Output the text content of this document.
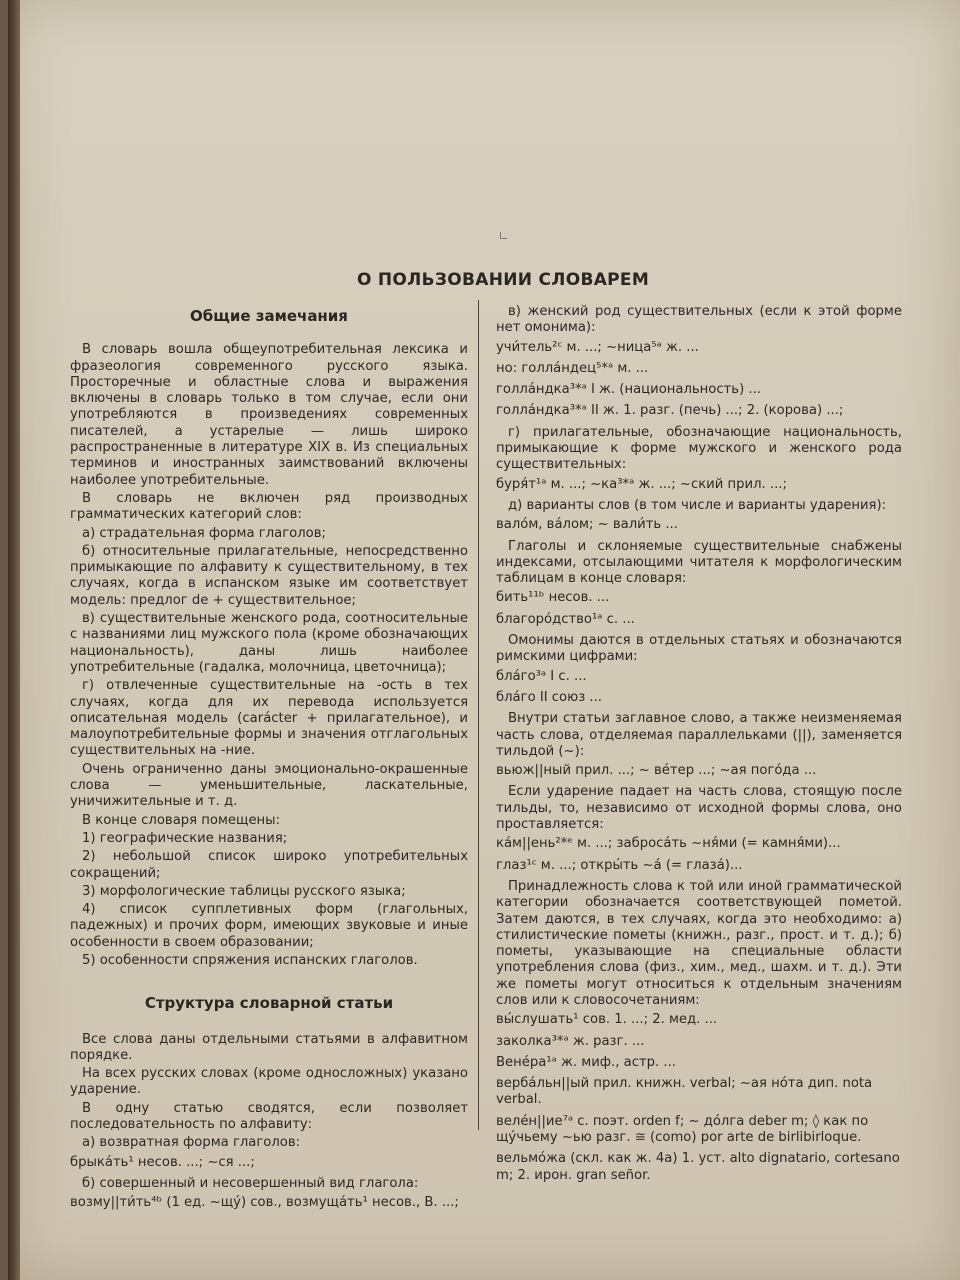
О ПОЛЬЗОВАНИИ СЛОВАРЕМ
Общие замечания

В словарь вошла общеупотребительная лексика и фразеология современного русского языка. Просторечные и областные слова и выражения включены в словарь только в том случае, если они употребляются в произведениях современных писателей, а устарелые — лишь широко распространенные в литературе XIX в. Из специальных терминов и иностранных заимствований включены наиболее употребительные.

В словарь не включен ряд производных грамматических категорий слов:

а) страдательная форма глаголов;

б) относительные прилагательные, непосредственно примыкающие по алфавиту к существительному, в тех случаях, когда в испанском языке им соответствует модель: предлог de + существительное;

в) существительные женского рода, соотносительные с названиями лиц мужского пола (кроме обозначающих национальность), даны лишь наиболее употребительные (гадалка, молочница, цветочница);

г) отвлеченные существительные на -ость в тех случаях, когда для их перевода используется описательная модель (carácter + прилагательное), и малоупотребительные формы и значения отглагольных существительных на -ние.

Очень ограниченно даны эмоционально-окрашенные слова — уменьшительные, ласкательные, уничижительные и т. д.

В конце словаря помещены:

1) географические названия;

2) небольшой список широко употребительных сокращений;

3) морфологические таблицы русского языка;

4) список супплетивных форм (глагольных, падежных) и прочих форм, имеющих звуковые и иные особенности в своем образовании;

5) особенности спряжения испанских глаголов.

Структура словарной статьи

Все слова даны отдельными статьями в алфавитном порядке.

На всех русских словах (кроме односложных) указано ударение.

В одну статью сводятся, если позволяет последовательность по алфавиту:

а) возвратная форма глаголов:

брыка́ть¹ несов. ...; ~ся ...;

б) совершенный и несовершенный вид глагола:

возму||ти́ть⁴ᵇ (1 ед. ~щу́) сов., возмуща́ть¹ несов., В. ...;

в) женский род существительных (если к этой форме нет омонима):

учи́тель²ᶜ м. ...; ~ница⁵ᵃ ж. ...

но: голла́ндец⁵*ᵃ м. ...

голла́ндка³*ᵃ I ж. (национальность) ...

голла́ндка³*ᵃ II ж. 1. разг. (печь) ...; 2. (корова) ...;

г) прилагательные, обозначающие национальность, примыкающие к форме мужского и женского рода существительных:

буря́т¹ᵃ м. ...; ~ка³*ᵃ ж. ...; ~ский прил. ...;

д) варианты слов (в том числе и варианты ударения):

вало́м, ва́лом; ~ вали́ть ...

Глаголы и склоняемые существительные снабжены индексами, отсылающими читателя к морфологическим таблицам в конце словаря:

бить¹¹ᵇ несов. ...

благоро́дство¹ᵃ с. ...

Омонимы даются в отдельных статьях и обозначаются римскими цифрами:

бла́го³ᵃ I с. ...

бла́го II союз ...

Внутри статьи заглавное слово, а также неизменяемая часть слова, отделяемая параллельками (||), заменяется тильдой (~):

вьюж||ный прил. ...; ~ ве́тер ...; ~ая пого́да ...

Если ударение падает на часть слова, стоящую после тильды, то, независимо от исходной формы слова, оно проставляется:

ка́м||ень²*ᵉ м. ...; заброса́ть ~ня́ми (= камня́ми)...

глаз¹ᶜ м. ...; откры́ть ~а́ (= глаза́)...

Принадлежность слова к той или иной грамматической категории обозначается соответствующей пометой. Затем даются, в тех случаях, когда это необходимо: а) стилистические пометы (книжн., разг., прост. и т. д.); б) пометы, указывающие на специальные области употребления слова (физ., хим., мед., шахм. и т. д.). Эти же пометы могут относиться к отдельным значениям слов или к словосочетаниям:

вы́слушать¹ сов. 1. ...; 2. мед. ...

заколка³*ᵃ ж. разг. ...

Вене́ра¹ᵃ ж. миф., астр. ...

верба́льн||ый прил. книжн. verbal; ~ая но́та дип. nota verbal.

веле́н||ие⁷ᵃ с. поэт. orden f; ~ до́лга deber m; ◊ как по щу́чьему ~ью разг. ≅ (como) por arte de birlibirloque.

вельмо́жа (скл. как ж. 4а) 1. уст. alto dignatario, cortesano m; 2. ирон. gran señor.
